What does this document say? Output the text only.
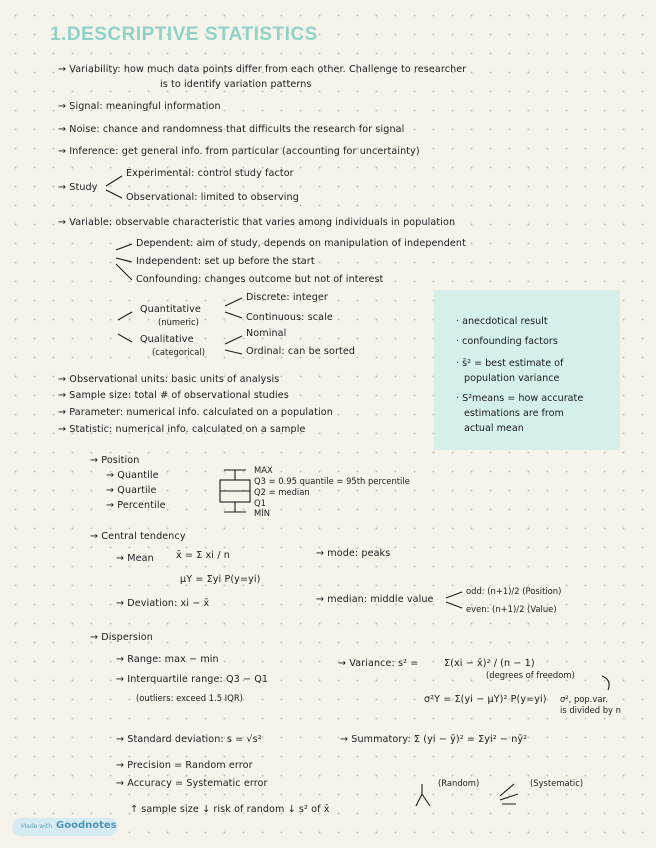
1.DESCRIPTIVE STATISTICS
→ Variability: how much data points differ from each other. Challenge to researcher
is to identify variation patterns
→ Signal: meaningful information
→ Noise: chance and randomness that difficults the research for signal
→ Inference: get general info. from particular (accounting for uncertainty)
→ Study
Experimental: control study factor
Observational: limited to observing
→ Variable: observable characteristic that varies among individuals in population
Dependent: aim of study, depends on manipulation of independent
Independent: set up before the start
Confounding: changes outcome but not of interest
Quantitative
(numeric)
Discrete: integer
Continuous: scale
Qualitative
(categorical)
Nominal
Ordinal: can be sorted
→ Observational units: basic units of analysis
→ Sample size: total # of observational studies
→ Parameter: numerical info. calculated on a population
→ Statistic: numerical info. calculated on a sample
· anecdotical result
· confounding factors
· s̄² = best estimate of
population variance
· S²means = how accurate
estimations are from
actual mean
→ Position
→ Quantile
→ Quartile
→ Percentile
MAX
Q3 = 0.95 quantile = 95th percentile
Q2 = median
Q1
MIN
→ Central tendency
→ Mean x̄ = Σ xi / n
μY = Σyi P(y=yi)
→ Deviation: xi − x̄
→ mode: peaks
→ median: middle value
odd: (n+1)/2 (Position)
even: (n+1)/2 (Value)
→ Dispersion
→ Range: max − min
→ Interquartile range: Q3 − Q1
(outliers: exceed 1.5 IQR)
→ Variance: s² =	Σ(xi − x̄)² / (n − 1)
(degrees of freedom)
σ²Y = Σ(yi − μY)² P(y=yi) σ², pop.var.
is divided by n
→ Standard deviation: s = √s²	→ Summatory: Σ (yi − ȳ)² = Σyi² − nȳ²
→ Precision = Random error
→ Accuracy = Systematic error	(Random)	(Systematic)
↑ sample size ↓ risk of random ↓ s² of x̄
Made with Goodnotes
